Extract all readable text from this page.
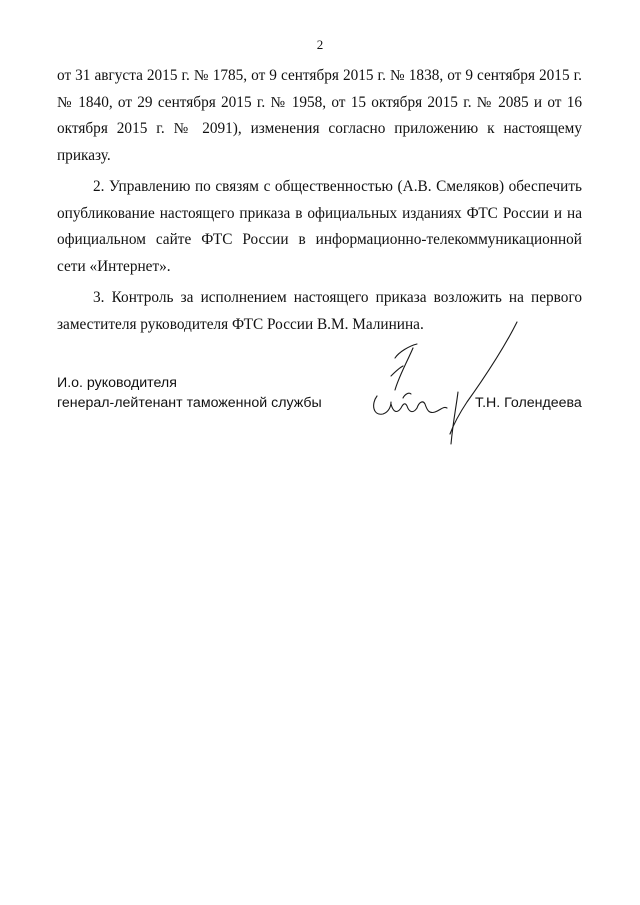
2

от 31 августа 2015 г. № 1785, от 9 сентября 2015 г. № 1838, от 9 сентября 2015 г. № 1840, от 29 сентября 2015 г. № 1958, от 15 октября 2015 г. № 2085 и от 16 октября 2015 г. № 2091), изменения согласно приложению к настоящему приказу.

2. Управлению по связям с общественностью (А.В. Смеляков) обеспечить опубликование настоящего приказа в официальных изданиях ФТС России и на официальном сайте ФТС России в информационно-телекоммуникационной сети «Интернет».

3. Контроль за исполнением настоящего приказа возложить на первого заместителя руководителя ФТС России В.М. Малинина.

И.о. руководителя
генерал-лейтенант таможенной службы	Т.Н. Голендеева
